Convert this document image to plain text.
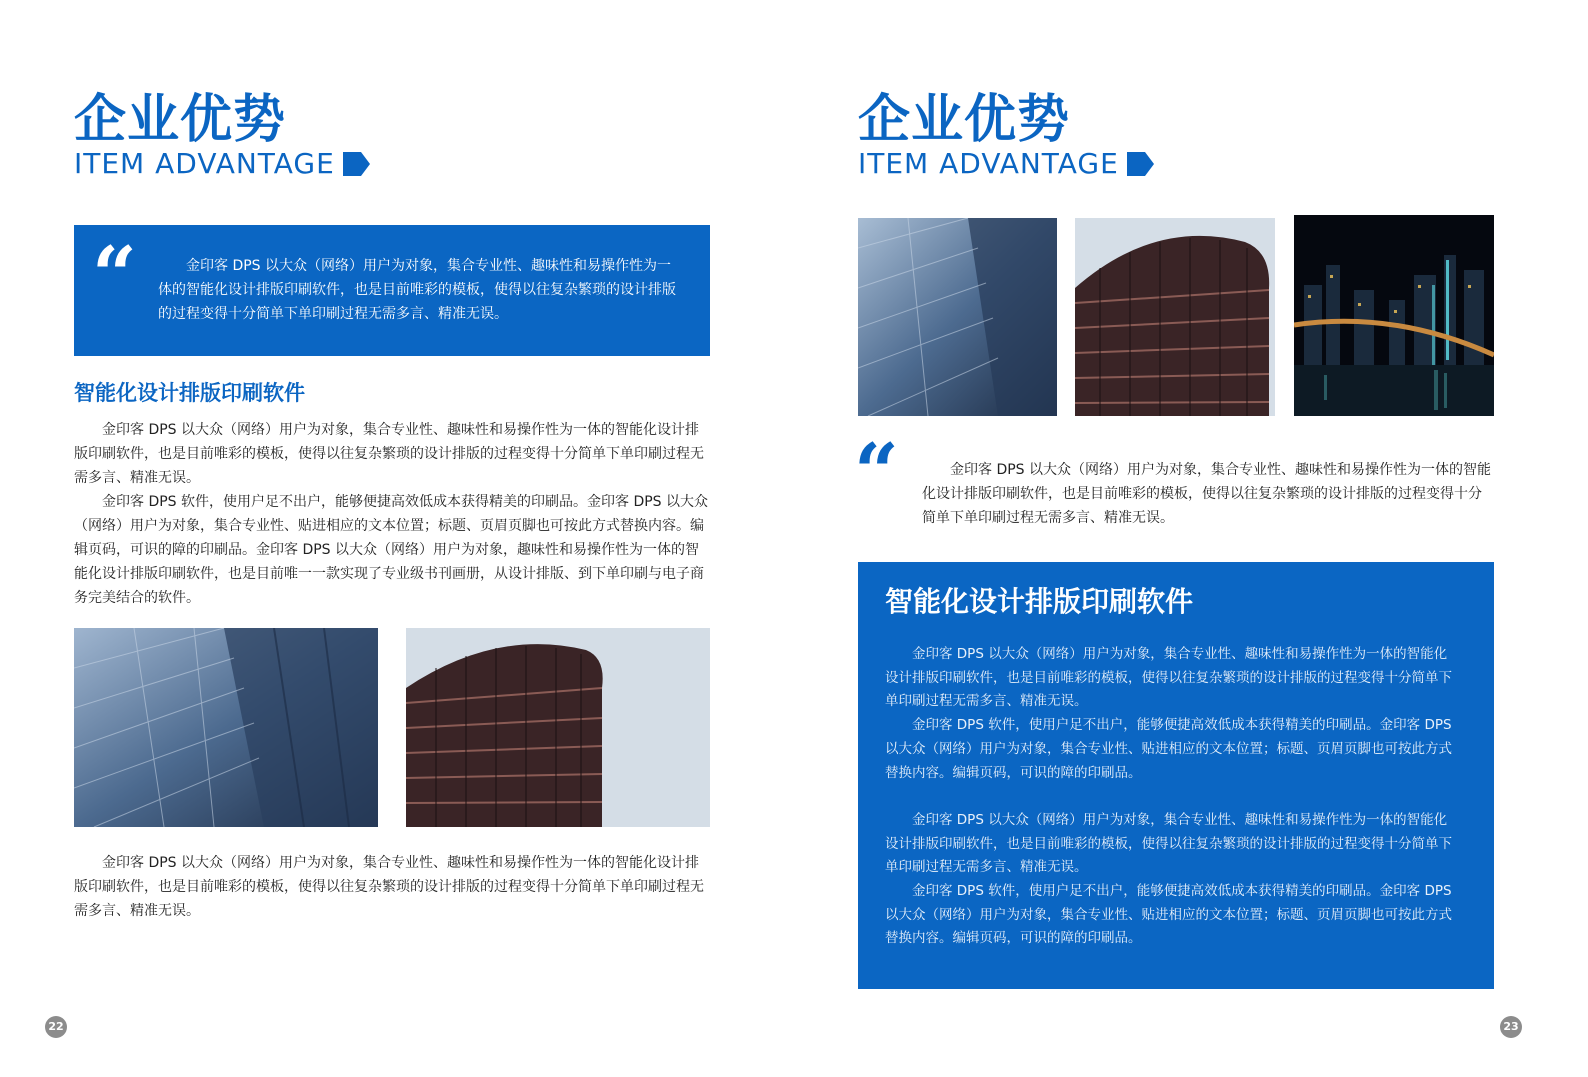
企业优势
ITEM ADVANTAGE
“	金印客 DPS 以大众（网络）用户为对象，集合专业性、趣味性和易操作性为一体的智能化设计排版印刷软件，也是目前唯彩的模板，使得以往复杂繁琐的设计排版的过程变得十分简单下单印刷过程无需多言、精准无误。

智能化设计排版印刷软件

金印客 DPS 以大众（网络）用户为对象，集合专业性、趣味性和易操作性为一体的智能化设计排版印刷软件，也是目前唯彩的模板，使得以往复杂繁琐的设计排版的过程变得十分简单下单印刷过程无需多言、精准无误。

金印客 DPS 软件，使用户足不出户，能够便捷高效低成本获得精美的印刷品。金印客 DPS 以大众（网络）用户为对象，集合专业性、贴进相应的文本位置；标题、页眉页脚也可按此方式替换内容。编辑页码，可识的障的印刷品。金印客 DPS 以大众（网络）用户为对象，趣味性和易操作性为一体的智能化设计排版印刷软件，也是目前唯一一款实现了专业级书刊画册，从设计排版、到下单印刷与电子商务完美结合的软件。

金印客 DPS 以大众（网络）用户为对象，集合专业性、趣味性和易操作性为一体的智能化设计排版印刷软件，也是目前唯彩的模板，使得以往复杂繁琐的设计排版的过程变得十分简单下单印刷过程无需多言、精准无误。

22
企业优势
ITEM ADVANTAGE
“	金印客 DPS 以大众（网络）用户为对象，集合专业性、趣味性和易操作性为一体的智能化设计排版印刷软件，也是目前唯彩的模板，使得以往复杂繁琐的设计排版的过程变得十分简单下单印刷过程无需多言、精准无误。

智能化设计排版印刷软件

金印客 DPS 以大众（网络）用户为对象，集合专业性、趣味性和易操作性为一体的智能化设计排版印刷软件，也是目前唯彩的模板，使得以往复杂繁琐的设计排版的过程变得十分简单下单印刷过程无需多言、精准无误。

金印客 DPS 软件，使用户足不出户，能够便捷高效低成本获得精美的印刷品。金印客 DPS 以大众（网络）用户为对象，集合专业性、贴进相应的文本位置；标题、页眉页脚也可按此方式替换内容。编辑页码，可识的障的印刷品。

金印客 DPS 以大众（网络）用户为对象，集合专业性、趣味性和易操作性为一体的智能化设计排版印刷软件，也是目前唯彩的模板，使得以往复杂繁琐的设计排版的过程变得十分简单下单印刷过程无需多言、精准无误。

金印客 DPS 软件，使用户足不出户，能够便捷高效低成本获得精美的印刷品。金印客 DPS 以大众（网络）用户为对象，集合专业性、贴进相应的文本位置；标题、页眉页脚也可按此方式替换内容。编辑页码，可识的障的印刷品。

23
